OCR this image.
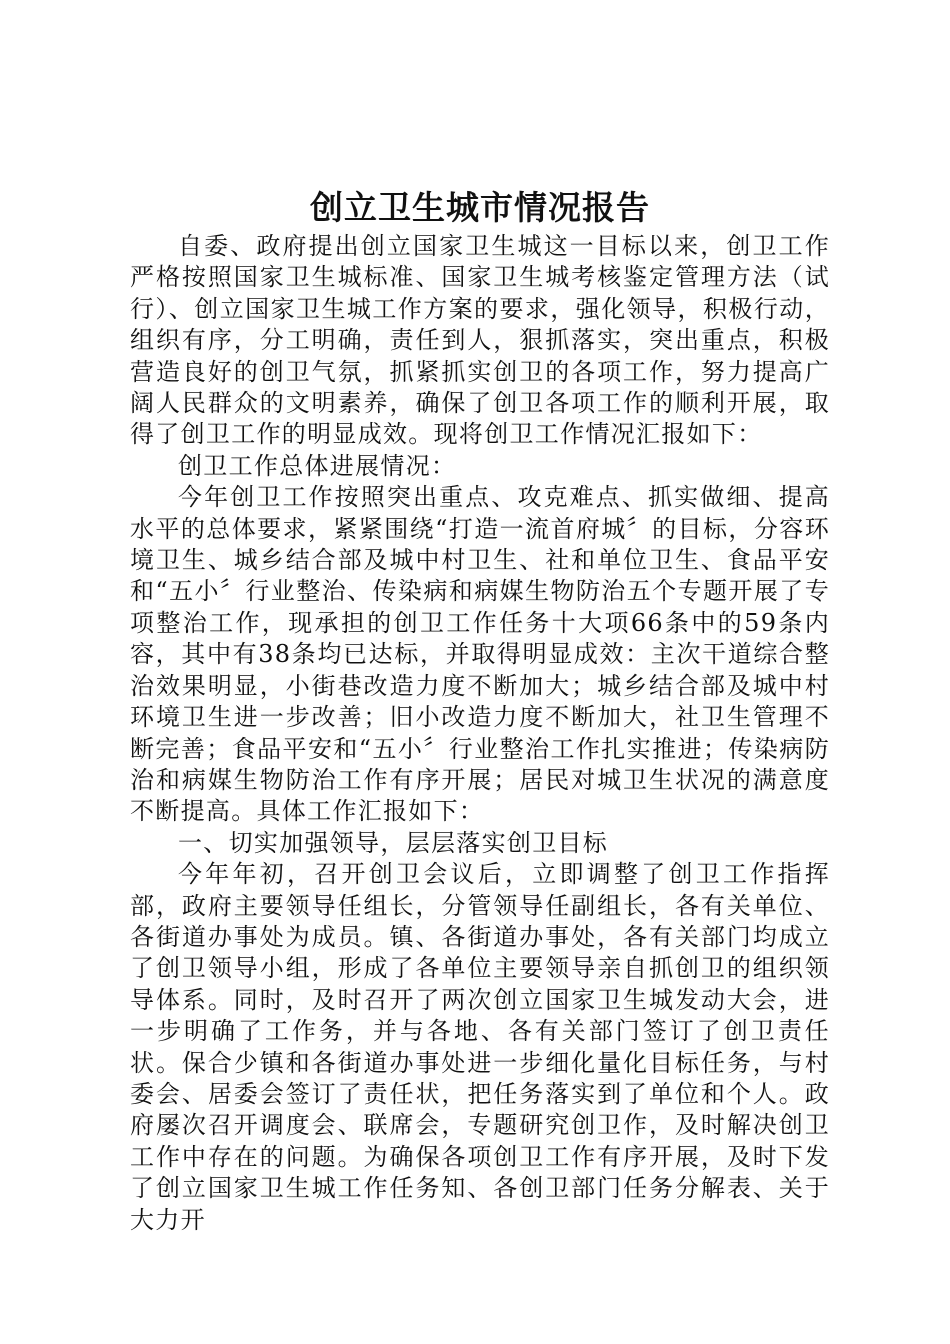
创立卫生城市情况报告

自委、政府提出创立国家卫生城这一目标以来，创卫工作严格按照国家卫生城标准、国家卫生城考核鉴定管理方法（试行）、创立国家卫生城工作方案的要求，强化领导，积极行动，组织有序，分工明确，责任到人，狠抓落实，突出重点，积极营造良好的创卫气氛，抓紧抓实创卫的各项工作，努力提高广阔人民群众的文明素养，确保了创卫各项工作的顺利开展，取得了创卫工作的明显成效。现将创卫工作情况汇报如下：

创卫工作总体进展情况：

今年创卫工作按照突出重点、攻克难点、抓实做细、提高水平的总体要求，紧紧围绕“打造一流首府城〞的目标，分容环境卫生、城乡结合部及城中村卫生、社和单位卫生、食品平安和“五小〞行业整治、传染病和病媒生物防治五个专题开展了专项整治工作，现承担的创卫工作任务十大项66条中的59条内容，其中有38条均已达标，并取得明显成效：主次干道综合整治效果明显，小街巷改造力度不断加大；城乡结合部及城中村环境卫生进一步改善；旧小改造力度不断加大，社卫生管理不断完善；食品平安和“五小〞行业整治工作扎实推进；传染病防治和病媒生物防治工作有序开展；居民对城卫生状况的满意度不断提高。具体工作汇报如下：

一、切实加强领导，层层落实创卫目标

今年年初，召开创卫会议后，立即调整了创卫工作指挥部，政府主要领导任组长，分管领导任副组长，各有关单位、各街道办事处为成员。镇、各街道办事处，各有关部门均成立了创卫领导小组，形成了各单位主要领导亲自抓创卫的组织领导体系。同时，及时召开了两次创立国家卫生城发动大会，进一步明确了工作务，并与各地、各有关部门签订了创卫责任状。保合少镇和各街道办事处进一步细化量化目标任务，与村委会、居委会签订了责任状，把任务落实到了单位和个人。政府屡次召开调度会、联席会，专题研究创卫作，及时解决创卫工作中存在的问题。为确保各项创卫工作有序开展，及时下发了创立国家卫生城工作任务知、各创卫部门任务分解表、关于大力开
